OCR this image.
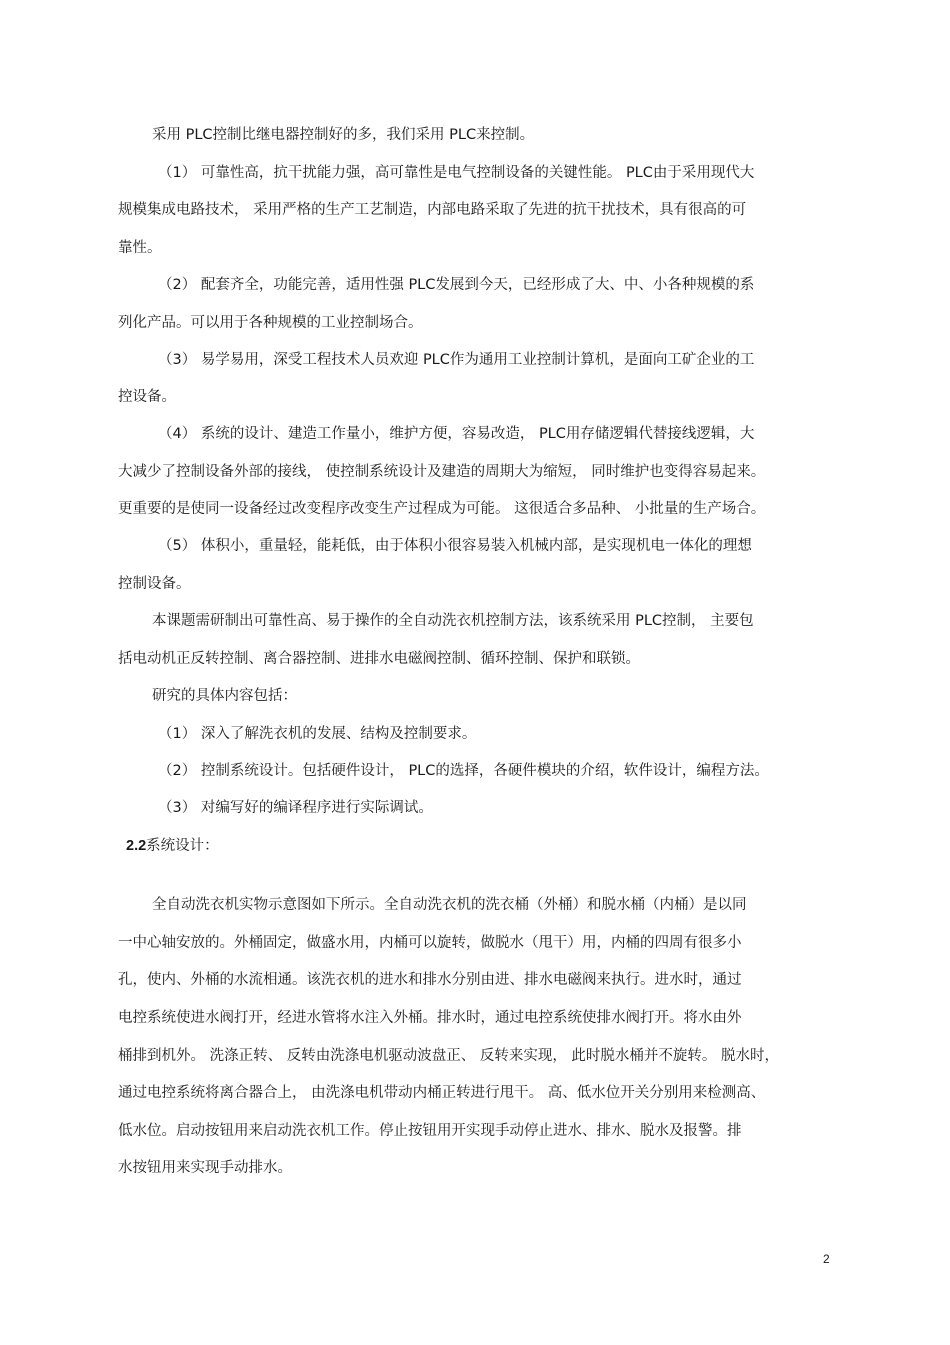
采用 PLC控制比继电器控制好的多，我们采用 PLC来控制。
（1） 可靠性高，抗干扰能力强，高可靠性是电气控制设备的关键性能。 PLC由于采用现代大
规模集成电路技术， 采用严格的生产工艺制造，内部电路采取了先进的抗干扰技术，具有很高的可
靠性。
（2） 配套齐全，功能完善，适用性强 PLC发展到今天，已经形成了大、中、小各种规模的系
列化产品。可以用于各种规模的工业控制场合。
（3） 易学易用，深受工程技术人员欢迎 PLC作为通用工业控制计算机，是面向工矿企业的工
控设备。
（4） 系统的设计、建造工作量小，维护方便，容易改造， PLC用存储逻辑代替接线逻辑，大
大减少了控制设备外部的接线， 使控制系统设计及建造的周期大为缩短， 同时维护也变得容易起来。
更重要的是使同一设备经过改变程序改变生产过程成为可能。 这很适合多品种、 小批量的生产场合。
（5） 体积小，重量轻，能耗低，由于体积小很容易装入机械内部，是实现机电一体化的理想
控制设备。
本课题需研制出可靠性高、易于操作的全自动洗衣机控制方法，该系统采用 PLC控制， 主要包
括电动机正反转控制、离合器控制、进排水电磁阀控制、循环控制、保护和联锁。
研究的具体内容包括：
（1） 深入了解洗衣机的发展、结构及控制要求。
（2） 控制系统设计。包括硬件设计， PLC的选择，各硬件模块的介绍，软件设计，编程方法。
（3） 对编写好的编译程序进行实际调试。
2.2系统设计：
全自动洗衣机实物示意图如下所示。全自动洗衣机的洗衣桶（外桶）和脱水桶（内桶）是以同
一中心轴安放的。外桶固定，做盛水用，内桶可以旋转，做脱水（甩干）用，内桶的四周有很多小
孔，使内、外桶的水流相通。该洗衣机的进水和排水分别由进、排水电磁阀来执行。进水时，通过
电控系统使进水阀打开，经进水管将水注入外桶。排水时，通过电控系统使排水阀打开。将水由外
桶排到机外。 洗涤正转、 反转由洗涤电机驱动波盘正、 反转来实现， 此时脱水桶并不旋转。 脱水时，
通过电控系统将离合器合上， 由洗涤电机带动内桶正转进行甩干。 高、低水位开关分别用来检测高、
低水位。启动按钮用来启动洗衣机工作。停止按钮用开实现手动停止进水、排水、脱水及报警。排
水按钮用来实现手动排水。
2
